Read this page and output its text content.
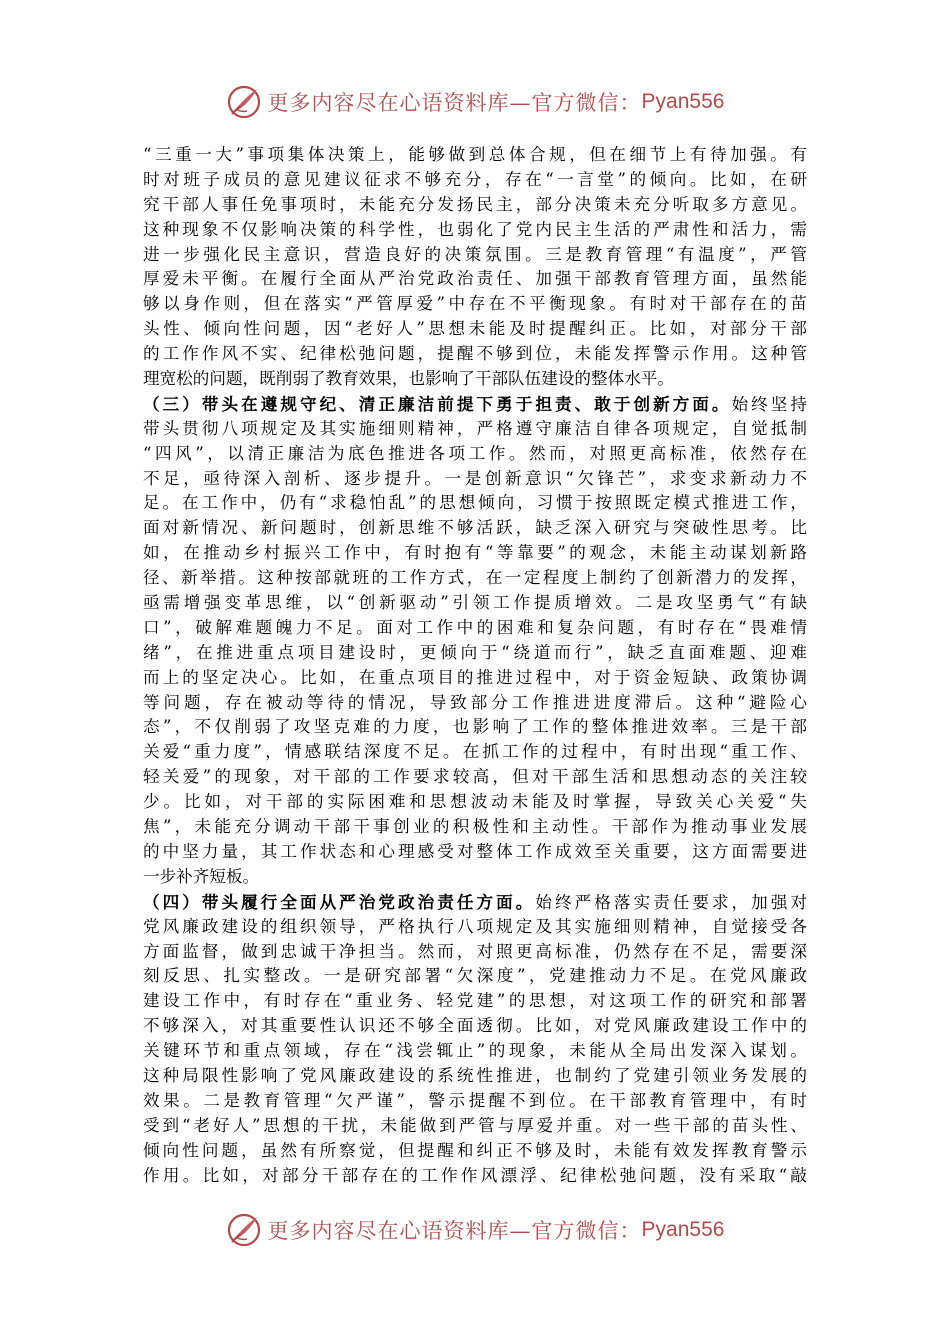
更多内容尽在心语资料库 —官方微信： Pyan556
“三重一大”事项集体决策上，能够做到总体合规，但在细节上有待加强。有
时对班子成员的意见建议征求不够充分，存在“一言堂”的倾向。比如，在研
究干部人事任免事项时，未能充分发扬民主，部分决策未充分听取多方意见。
这种现象不仅影响决策的科学性，也弱化了党内民主生活的严肃性和活力，需
进一步强化民主意识，营造良好的决策氛围。三是教育管理“有温度”，严管
厚爱未平衡。在履行全面从严治党政治责任、加强干部教育管理方面，虽然能
够以身作则，但在落实“严管厚爱”中存在不平衡现象。有时对干部存在的苗
头性、倾向性问题，因“老好人”思想未能及时提醒纠正。比如，对部分干部
的工作作风不实、纪律松弛问题，提醒不够到位，未能发挥警示作用。这种管
理宽松的问题，既削弱了教育效果，也影响了干部队伍建设的整体水平。
（三）带头在遵规守纪、清正廉洁前提下勇于担责、敢于创新方面。始终坚持
带头贯彻八项规定及其实施细则精神，严格遵守廉洁自律各项规定，自觉抵制
“四风”，以清正廉洁为底色推进各项工作。然而，对照更高标准，依然存在
不足，亟待深入剖析、逐步提升。一是创新意识“欠锋芒”，求变求新动力不
足。在工作中，仍有“求稳怕乱”的思想倾向，习惯于按照既定模式推进工作，
面对新情况、新问题时，创新思维不够活跃，缺乏深入研究与突破性思考。比
如，在推动乡村振兴工作中，有时抱有“等靠要”的观念，未能主动谋划新路
径、新举措。这种按部就班的工作方式，在一定程度上制约了创新潜力的发挥，
亟需增强变革思维，以“创新驱动”引领工作提质增效。二是攻坚勇气“有缺
口”，破解难题魄力不足。面对工作中的困难和复杂问题，有时存在“畏难情
绪”，在推进重点项目建设时，更倾向于“绕道而行”，缺乏直面难题、迎难
而上的坚定决心。比如，在重点项目的推进过程中，对于资金短缺、政策协调
等问题，存在被动等待的情况，导致部分工作推进进度滞后。这种“避险心
态”，不仅削弱了攻坚克难的力度，也影响了工作的整体推进效率。三是干部
关爱“重力度”，情感联结深度不足。在抓工作的过程中，有时出现“重工作、
轻关爱”的现象，对干部的工作要求较高，但对干部生活和思想动态的关注较
少。比如，对干部的实际困难和思想波动未能及时掌握，导致关心关爱“失
焦”，未能充分调动干部干事创业的积极性和主动性。干部作为推动事业发展
的中坚力量，其工作状态和心理感受对整体工作成效至关重要，这方面需要进
一步补齐短板。
（四）带头履行全面从严治党政治责任方面。始终严格落实责任要求，加强对
党风廉政建设的组织领导，严格执行八项规定及其实施细则精神，自觉接受各
方面监督，做到忠诚干净担当。然而，对照更高标准，仍然存在不足，需要深
刻反思、扎实整改。一是研究部署“欠深度”，党建推动力不足。在党风廉政
建设工作中，有时存在“重业务、轻党建”的思想，对这项工作的研究和部署
不够深入，对其重要性认识还不够全面透彻。比如，对党风廉政建设工作中的
关键环节和重点领域，存在“浅尝辄止”的现象，未能从全局出发深入谋划。
这种局限性影响了党风廉政建设的系统性推进，也制约了党建引领业务发展的
效果。二是教育管理“欠严谨”，警示提醒不到位。在干部教育管理中，有时
受到“老好人”思想的干扰，未能做到严管与厚爱并重。对一些干部的苗头性、
倾向性问题，虽然有所察觉，但提醒和纠正不够及时，未能有效发挥教育警示
作用。比如，对部分干部存在的工作作风漂浮、纪律松弛问题，没有采取“敲
更多内容尽在心语资料库 —官方微信： Pyan556
